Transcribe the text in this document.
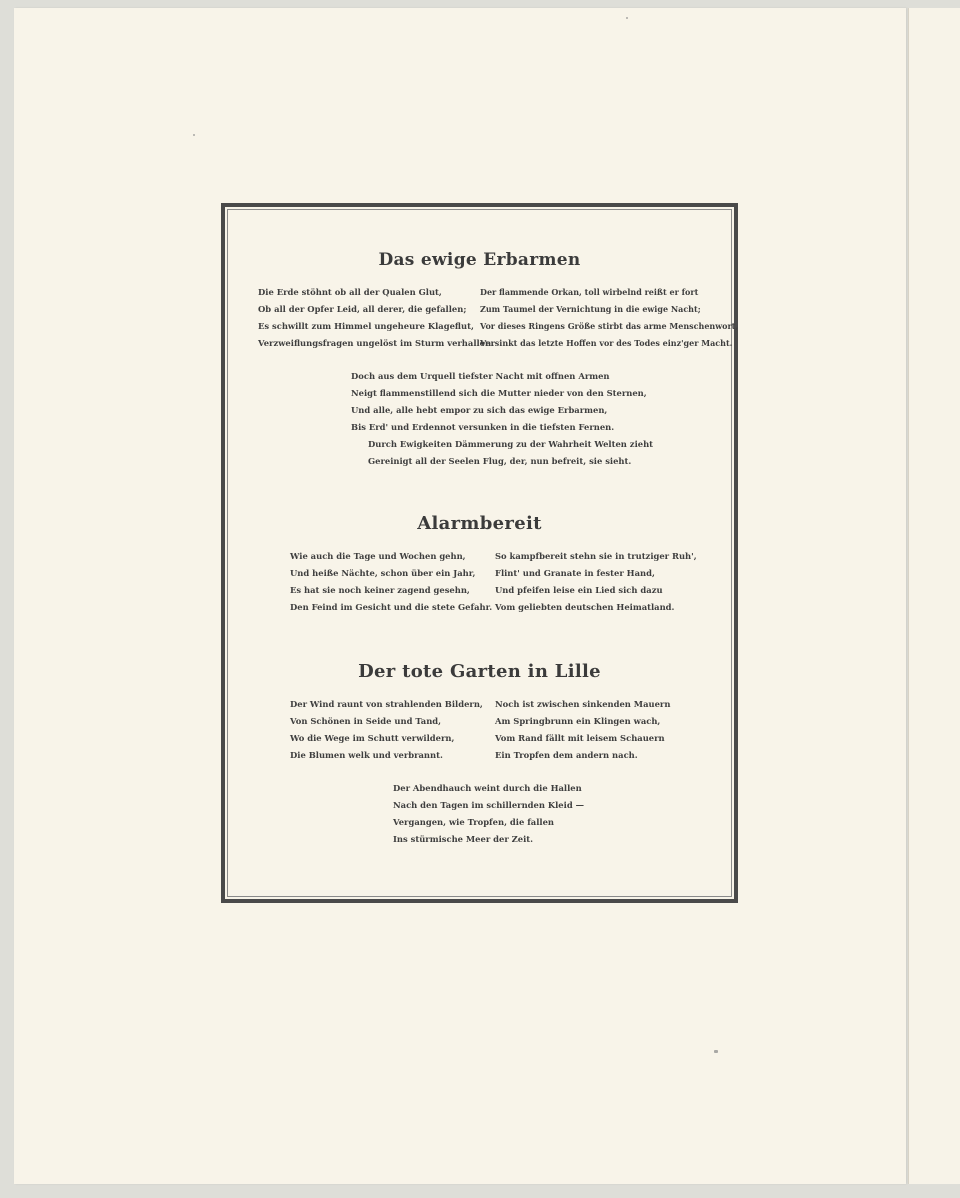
Das ewige Erbarmen
Die Erde stöhnt ob all der Qualen Glut,
Ob all der Opfer Leid, all derer, die gefallen;
Es schwillt zum Himmel ungeheure Klageflut,
Verzweiflungsfragen ungelöst im Sturm verhallen.
Der flammende Orkan, toll wirbelnd reißt er fort
Zum Taumel der Vernichtung in die ewige Nacht;
Vor dieses Ringens Größe stirbt das arme Menschenwort,
Versinkt das letzte Hoffen vor des Todes einz'ger Macht.
Doch aus dem Urquell tiefster Nacht mit offnen Armen
Neigt flammenstillend sich die Mutter nieder von den Sternen,
Und alle, alle hebt empor zu sich das ewige Erbarmen,
Bis Erd' und Erdennot versunken in die tiefsten Fernen.
Durch Ewigkeiten Dämmerung zu der Wahrheit Welten zieht
Gereinigt all der Seelen Flug, der, nun befreit, sie sieht.
Alarmbereit
Wie auch die Tage und Wochen gehn,
Und heiße Nächte, schon über ein Jahr,
Es hat sie noch keiner zagend gesehn,
Den Feind im Gesicht und die stete Gefahr.
So kampfbereit stehn sie in trutziger Ruh',
Flint' und Granate in fester Hand,
Und pfeifen leise ein Lied sich dazu
Vom geliebten deutschen Heimatland.
Der tote Garten in Lille
Der Wind raunt von strahlenden Bildern,
Von Schönen in Seide und Tand,
Wo die Wege im Schutt verwildern,
Die Blumen welk und verbrannt.
Noch ist zwischen sinkenden Mauern
Am Springbrunn ein Klingen wach,
Vom Rand fällt mit leisem Schauern
Ein Tropfen dem andern nach.
Der Abendhauch weint durch die Hallen
Nach den Tagen im schillernden Kleid —
Vergangen, wie Tropfen, die fallen
Ins stürmische Meer der Zeit.
